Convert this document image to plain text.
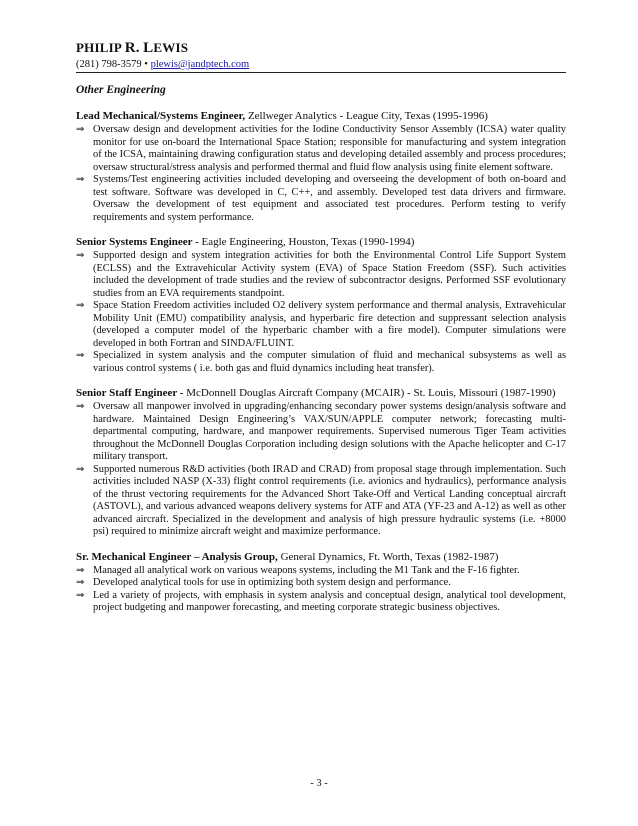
PHILIP R. LEWIS
(281) 798-3579 • plewis@jandptech.com
Other Engineering
Lead Mechanical/Systems Engineer, Zellweger Analytics - League City, Texas (1995-1996)
⇒ Oversaw design and development activities for the Iodine Conductivity Sensor Assembly (ICSA) water quality monitor for use on-board the International Space Station; responsible for manufacturing and system integration of the ICSA, maintaining drawing configuration status and developing detailed assembly and process procedures; oversaw structural/stress analysis and performed thermal and fluid flow analysis using finite element software.
⇒ Systems/Test engineering activities included developing and overseeing the development of both on-board and test software. Software was developed in C, C++, and assembly. Developed test data drivers and firmware. Oversaw the development of test equipment and associated test procedures. Perform testing to verify requirements and system performance.
Senior Systems Engineer - Eagle Engineering, Houston, Texas (1990-1994)
⇒ Supported design and system integration activities for both the Environmental Control Life Support System (ECLSS) and the Extravehicular Activity system (EVA) of Space Station Freedom (SSF). Such activities included the development of trade studies and the review of subcontractor designs. Performed SSF evolutionary studies from an EVA requirements standpoint.
⇒ Space Station Freedom activities included O2 delivery system performance and thermal analysis, Extravehicular Mobility Unit (EMU) compatibility analysis, and hyperbaric fire detection and suppressant selection analysis (developed a computer model of the hyperbaric chamber with a fire model). Computer simulations were developed in both Fortran and SINDA/FLUINT.
⇒ Specialized in system analysis and the computer simulation of fluid and mechanical subsystems as well as various control systems ( i.e. both gas and fluid dynamics including heat transfer).
Senior Staff Engineer - McDonnell Douglas Aircraft Company (MCAIR) - St. Louis, Missouri (1987-1990)
⇒ Oversaw all manpower involved in upgrading/enhancing secondary power systems design/analysis software and hardware. Maintained Design Engineering’s VAX/SUN/APPLE computer network; forecasting multi-departmental computing, hardware, and manpower requirements. Supervised numerous Tiger Team activities throughout the McDonnell Douglas Corporation including design solutions with the Apache helicopter and C-17 military transport.
⇒ Supported numerous R&D activities (both IRAD and CRAD) from proposal stage through implementation. Such activities included NASP (X-33) flight control requirements (i.e. avionics and hydraulics), performance analysis of the thrust vectoring requirements for the Advanced Short Take-Off and Vertical Landing conceptual aircraft (ASTOVL), and various advanced weapons delivery systems for ATF and ATA (YF-23 and A-12) as well as other advanced aircraft. Specialized in the development and analysis of high pressure hydraulic systems (i.e. +8000 psi) required to minimize aircraft weight and maximize performance.
Sr. Mechanical Engineer – Analysis Group, General Dynamics, Ft. Worth, Texas (1982-1987)
⇒ Managed all analytical work on various weapons systems, including the M1 Tank and the F-16 fighter.
⇒ Developed analytical tools for use in optimizing both system design and performance.
⇒ Led a variety of projects, with emphasis in system analysis and conceptual design, analytical tool development, project budgeting and manpower forecasting, and meeting corporate strategic business objectives.
- 3 -
